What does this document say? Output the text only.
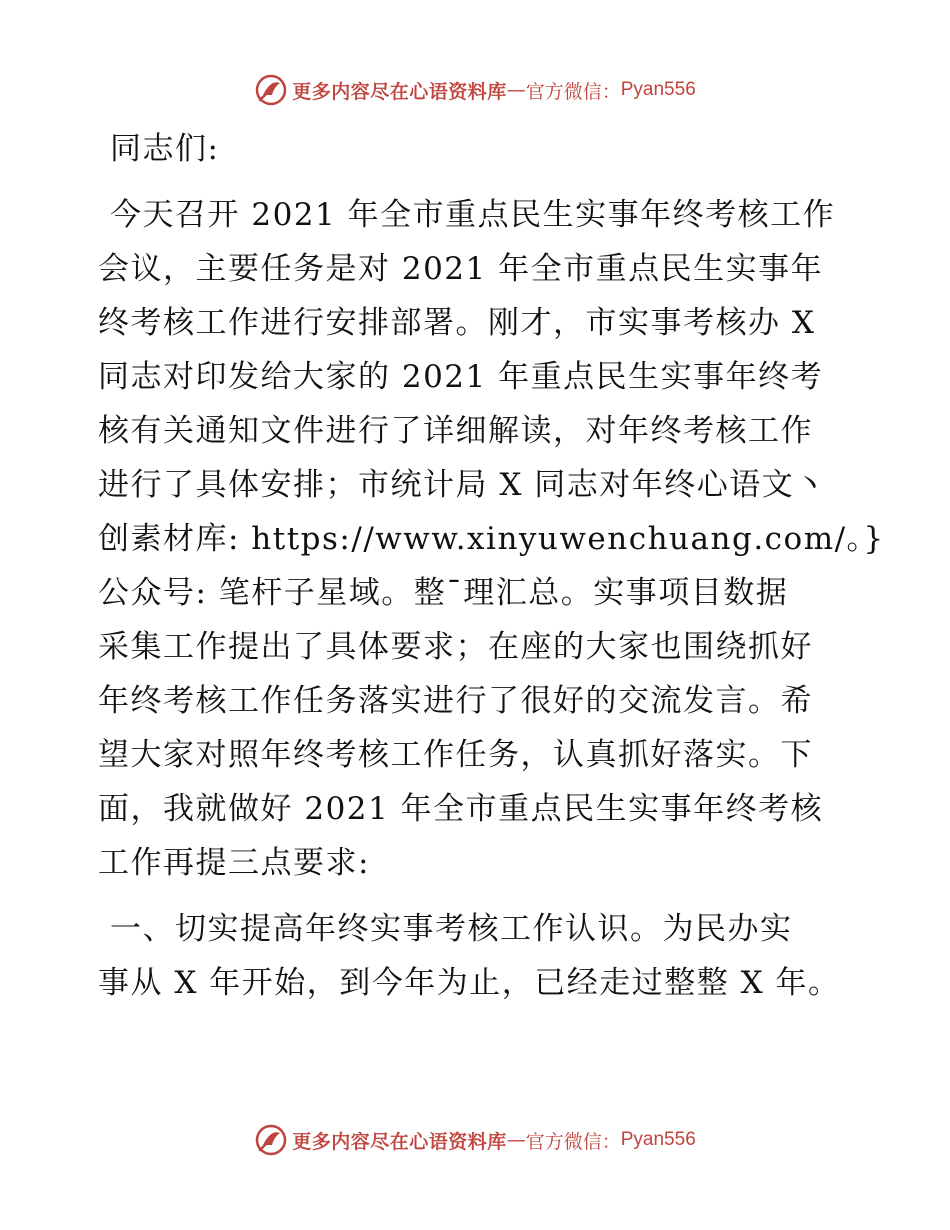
更多内容尽在心语资料库 — 官方微信： Pyan556

同志们:

今天召开 2021 年全市重点民生实事年终考核工作
会议，主要任务是对 2021 年全市重点民生实事年
终考核工作进行安排部署。刚才，市实事考核办 X
同志对印发给大家的 2021 年重点民生实事年终考
核有关通知文件进行了详细解读，对年终考核工作
进行了具体安排；市统计局 X 同志对年终心语文丶
创素材库: https://www.xinyuwenchuang.com/。}
公众号: 笔杆子星域。整¯理汇总。实事项目数据
采集工作提出了具体要求；在座的大家也围绕抓好
年终考核工作任务落实进行了很好的交流发言。希
望大家对照年终考核工作任务，认真抓好落实。下
面，我就做好 2021 年全市重点民生实事年终考核
工作再提三点要求:

一、切实提高年终实事考核工作认识。为民办实
事从 X 年开始，到今年为止，已经走过整整 X 年。

更多内容尽在心语资料库 — 官方微信： Pyan556
